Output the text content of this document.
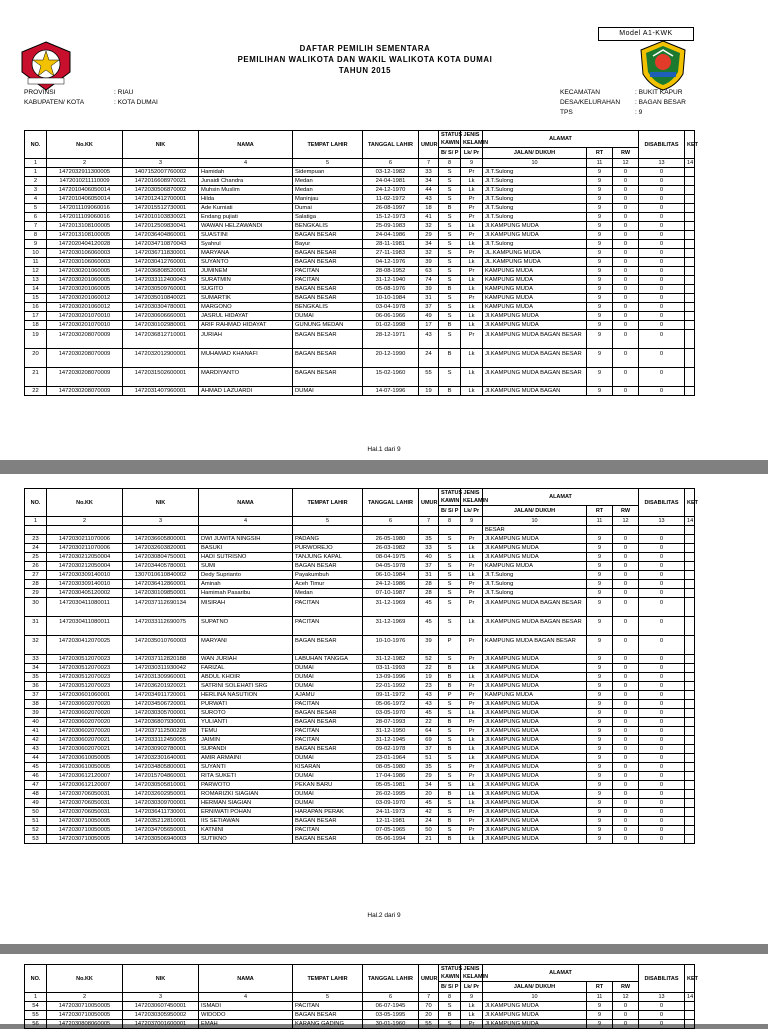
Model A1-KWK
DAFTAR PEMILIH SEMENTARA
PEMILIHAN WALIKOTA DAN WAKIL WALIKOTA KOTA DUMAI
TAHUN 2015
PROVINSI	: RIAU
KABUPATEN/ KOTA	: KOTA DUMAI
KECAMATAN	: BUKIT KAPUR
DESA/KELURAHAN : BAGAN BESAR
TPS	: 9
NO.	No.KK	NIK	NAMA	TEMPAT LAHIR	TANGGAL LAHIR	UMUR	STATUS KAWIN	JENIS KELAMIN	ALAMAT			DISABILITAS	KET
							B/ S/ P	Lk/ Pr	JALAN/ DUKUH	RT	RW		
1	2	3	4	5	6	7	8	9	10	11	12	13	14
1	1472032911300005	1407152007760002	Hamidah	Sidempuan	03-12-1982	33	S	Pr	Jl.T.Sulong	9	0	0	
2	1472010211110009	1472016608970021	Junaidi Chandra	Medan	24-04-1981	34	S	Lk	Jl.T.Sulong	9	0	0	
3	1472010406050014	1472030506870002	Muhsin Muslim	Medan	24-12-1970	44	S	Lk	Jl.T.Sulong	9	0	0	
4	1472010406050014	1472012412700001	Hilda	Maninjau	11-02-1972	43	S	Pr	Jl.T.Sulong	9	0	0	
5	1472011109060016	1472015512730001	Ade Kurniati	Dumai	26-08-1997	18	B	Pr	Jl.T.Sulong	9	0	0	
6	1472011109060016	1472010103830021	Endang pujiati	Salatiga	15-12-1973	41	S	Pr	Jl.T.Sulong	9	0	0	
7	1472013108100005	1472012509830041	WAWAN HELZAWANDI	BENGKALIS	25-09-1983	32	S	Lk	Jl.KAMPUNG MUDA	9	0	0	
8	1472013108100005	1472036404860001	SUASTINI	BAGAN BESAR	24-04-1986	29	S	Pr	Jl.KAMPUNG MUDA	9	0	0	
9	1472020404120028	1472034710870043	Syahrul	Bayur	28-11-1981	34	S	Lk	Jl.T.Sulong	9	0	0	
10	1472030106060003	1472036711830001	MARYANA	BAGAN BESAR	27-11-1983	32	S	Pr	JL.KAMPUNG MUDA	9	0	0	
11	1472030106060003	1472030412760001	SUYANTO	BAGAN BESAR	04-12-1976	39	S	Lk	JL.KAMPUNG MUDA	9	0	0	
12	1472030201060005	1472036808520001	JUMINEM	PACITAN	28-08-1952	63	S	Pr	KAMPUNG MUDA	9	0	0	
13	1472030201060005	1472033112400043	SURATMIN	PACITAN	31-12-1940	74	S	Lk	KAMPUNG MUDA	9	0	0	
14	1472030201060005	1472030509760001	SUGITO	BAGAN BESAR	05-08-1976	39	B	Lk	KAMPUNG MUDA	9	0	0	
15	1472030201060012	1472035010840021	SUMARTIK	BAGAN BESAR	10-10-1984	31	S	Pr	KAMPUNG MUDA	9	0	0	
16	1472030201060012	1472030304780001	MARGONO	BENGKALIS	03-04-1978	37	S	Lk	KAMPUNG MUDA	9	0	0	
17	1472030201070010	1472030606660001	JASRUL HIDAYAT	DUMAI	06-06-1966	49	S	Lk	Jl.KAMPUNG MUDA	9	0	0	
18	1472030201070010	1472030102980001	ARIF RAHMAD HIDAYAT	GUNUNG MEDAN	01-02-1998	17	B	Lk	Jl.KAMPUNG MUDA	9	0	0	
19	1472030208070009	1472036812710001	JURIAH	BAGAN BESAR	28-12-1971	43	S	Pr	Jl.KAMPUNG MUDA BAGAN BESAR	9	0	0	
20	1472030208070009	1472032012900001	MUHAMAD KHANAFI	BAGAN BESAR	20-12-1990	24	B	Lk	Jl.KAMPUNG MUDA BAGAN BESAR	9	0	0	
21	1472030208070009	1472031502600001	MARDIYANTO	BAGAN BESAR	15-02-1960	55	S	Lk	Jl.KAMPUNG MUDA BAGAN BESAR	9	0	0	
22	1472030208070009	1472031407960001	AHMAD LAZUARDI	DUMAI	14-07-1996	19	B	Lk	Jl.KAMPUNG MUDA BAGAN	9	0	0	
Hal.1 dari 9
NO.	No.KK	NIK	NAMA	TEMPAT LAHIR	TANGGAL LAHIR	UMUR	STATUS KAWIN	JENIS KELAMIN	ALAMAT			DISABILITAS	KET
							B/ S/ P	Lk/ Pr	JALAN/ DUKUH	RT	RW		
1	2	3	4	5	6	7	8	9	10	11	12	13	14
									BESAR				
23	1472030211070006	1472036605800001	DWI JUWITA NINGSIH	PADANG	26-05-1980	35	S	Pr	Jl.KAMPUNG MUDA	9	0	0	
24	1472030211070006	1472032603820001	BASUKI	PURWOREJO	26-03-1982	33	S	Lk	Jl.KAMPUNG MUDA	9	0	0	
25	1472030212050004	1472030804750001	HADI SUTRISNO	TANJUNG KAPAL	08-04-1975	40	S	Lk	Jl.KAMPUNG MUDA	9	0	0	
26	1472030212050004	1472034405780001	SUMI	BAGAN BESAR	04-05-1978	37	S	Pr	KAMPUNG MUDA	9	0	0	
27	1472030309140010	1307010610840002	Dedy Suprianto	Payakumbuh	06-10-1984	31	S	Lk	Jl.T.Sulong	9	0	0	
28	1472030309140010	1472036412860001	Aminah	Aceh Timur	24-12-1986	28	S	Pr	Jl.T.Sulong	9	0	0	
29	1472030405120002	1472030109850001	Hamimah Pasaribu	Medan	07-10-1987	28	S	Pr	Jl.T.Sulong	9	0	0	
30	1472030411080011	1472037112690134	MISIRAH	PACITAN	31-12-1969	45	S	Pr	Jl.KAMPUNG MUDA BAGAN BESAR	9	0	0	
31	1472030411080011	1472033112690075	SUPATNO	PACITAN	31-12-1969	45	S	Lk	Jl.KAMPUNG MUDA BAGAN BESAR	9	0	0	
32	1472030412070025	1472035010760003	MARYANI	BAGAN BESAR	10-10-1976	39	P	Pr	KAMPUNG MUDA BAGAN BESAR	9	0	0	
33	1472030512070023	1472037112820188	WAN JURIAH	LABUHAN TANGGA	31-12-1982	52	S	Pr	Jl.KAMPUNG MUDA	9	0	0	
34	1472030512070023	1472030311930042	FARIZAL	DUMAI	03-11-1993	22	B	Lk	Jl.KAMPUNG MUDA	9	0	0	
35	1472030512070023	1472031309960001	ABDUL KHOIR	DUMAI	13-09-1996	19	B	Lk	Jl.KAMPUNG MUDA	9	0	0	
36	1472030512070023	1472036201920021	SATRINI SOLEHATI SRG	DUMAI	22-01-1992	23	B	Pr	Jl.KAMPUNG MUDA	9	0	0	
37	1472030601060001	1472034911720001	HERLINA NASUTION	AJAMU	09-11-1972	43	P	Pr	KAMPUNG MUDA	9	0	0	
38	1472030602070020	1472034506720001	PURWATI	PACITAN	05-06-1972	43	S	Pr	Jl.KAMPUNG MUDA	9	0	0	
39	1472030602070020	1472030305700001	SUROTO	BAGAN BESAR	03-05-1970	45	S	Lk	Jl.KAMPUNG MUDA	9	0	0	
40	1472030602070020	1472036807930001	YULIANTI	BAGAN BESAR	28-07-1993	22	B	Pr	Jl.KAMPUNG MUDA	9	0	0	
41	1472030602070020	1472037112500228	TEMU	PACITAN	31-12-1950	64	S	Pr	Jl.KAMPUNG MUDA	9	0	0	
42	1472030602070021	1472033112450055	JAIMIN	PACITAN	31-12-1945	69	S	Lk	Jl.KAMPUNG MUDA	9	0	0	
43	1472030602070021	1472030902780001	SUPANDI	BAGAN BESAR	09-02-1978	37	B	Lk	Jl.KAMPUNG MUDA	9	0	0	
44	1472030610050005	1472032301640001	AMIR ARMAINI	DUMAI	23-01-1964	51	S	Lk	Jl.KAMPUNG MUDA	9	0	0	
45	1472030610050005	1472034805800001	SUYANTI	KISARAN	08-05-1980	35	S	Pr	Jl.KAMPUNG MUDA	9	0	0	
46	1472030612120007	1472015704860001	RITA SUKETI	DUMAI	17-04-1986	29	S	Pr	Jl.KAMPUNG MUDA	9	0	0	
47	1472030612120007	1472030505810001	PARWOTO	PEKAN BARU	05-05-1981	34	S	Lk	Jl.KAMPUNG MUDA	9	0	0	
48	1472030706050031	1472032602950001	ROMARIZKI SIAGIAN	DUMAI	26-02-1995	20	B	Lk	Jl.KAMPUNG MUDA	9	0	0	
49	1472030706050031	1472030309700001	HERMAN SIAGIAN	DUMAI	03-09-1970	45	S	Lk	Jl.KAMPUNG MUDA	9	0	0	
50	1472030706050031	1472036411730001	ERNIWATI POHAN	HARAPAN PERAK	24-11-1973	42	S	Pr	Jl.KAMPUNG MUDA	9	0	0	
51	1472030710050005	1472035212810001	IIS SETIAWAN	BAGAN BESAR	12-11-1981	24	B	Pr	Jl.KAMPUNG MUDA	9	0	0	
52	1472030710050005	1472034705650001	KATNINI	PACITAN	07-05-1965	50	S	Pr	Jl.KAMPUNG MUDA	9	0	0	
53	1472030710050005	1472030506940003	SUTIKNO	BAGAN BESAR	05-06-1994	21	B	Lk	Jl.KAMPUNG MUDA	9	0	0	
Hal.2 dari 9
NO.	No.KK	NIK	NAMA	TEMPAT LAHIR	TANGGAL LAHIR	UMUR	STATUS KAWIN	JENIS KELAMIN	ALAMAT			DISABILITAS	KET
							B/ S/ P	Lk/ Pr	JALAN/ DUKUH	RT	RW		
1	2	3	4	5	6	7	8	9	10	11	12	13	14
54	1472030710050005	1472030607450001	ISMADI	PACITAN	06-07-1945	70	S	Lk	Jl.KAMPUNG MUDA	9	0	0	
55	1472030710050005	1472030305950002	WIDODO	BAGAN BESAR	03-05-1995	20	B	Lk	Jl.KAMPUNG MUDA	9	0	0	
56	1472030808060005	1472037001600001	EMAH	KARANG GADING	30-01-1960	55	S	Pr	Jl.KAMPUNG MUDA	9	0	0	
